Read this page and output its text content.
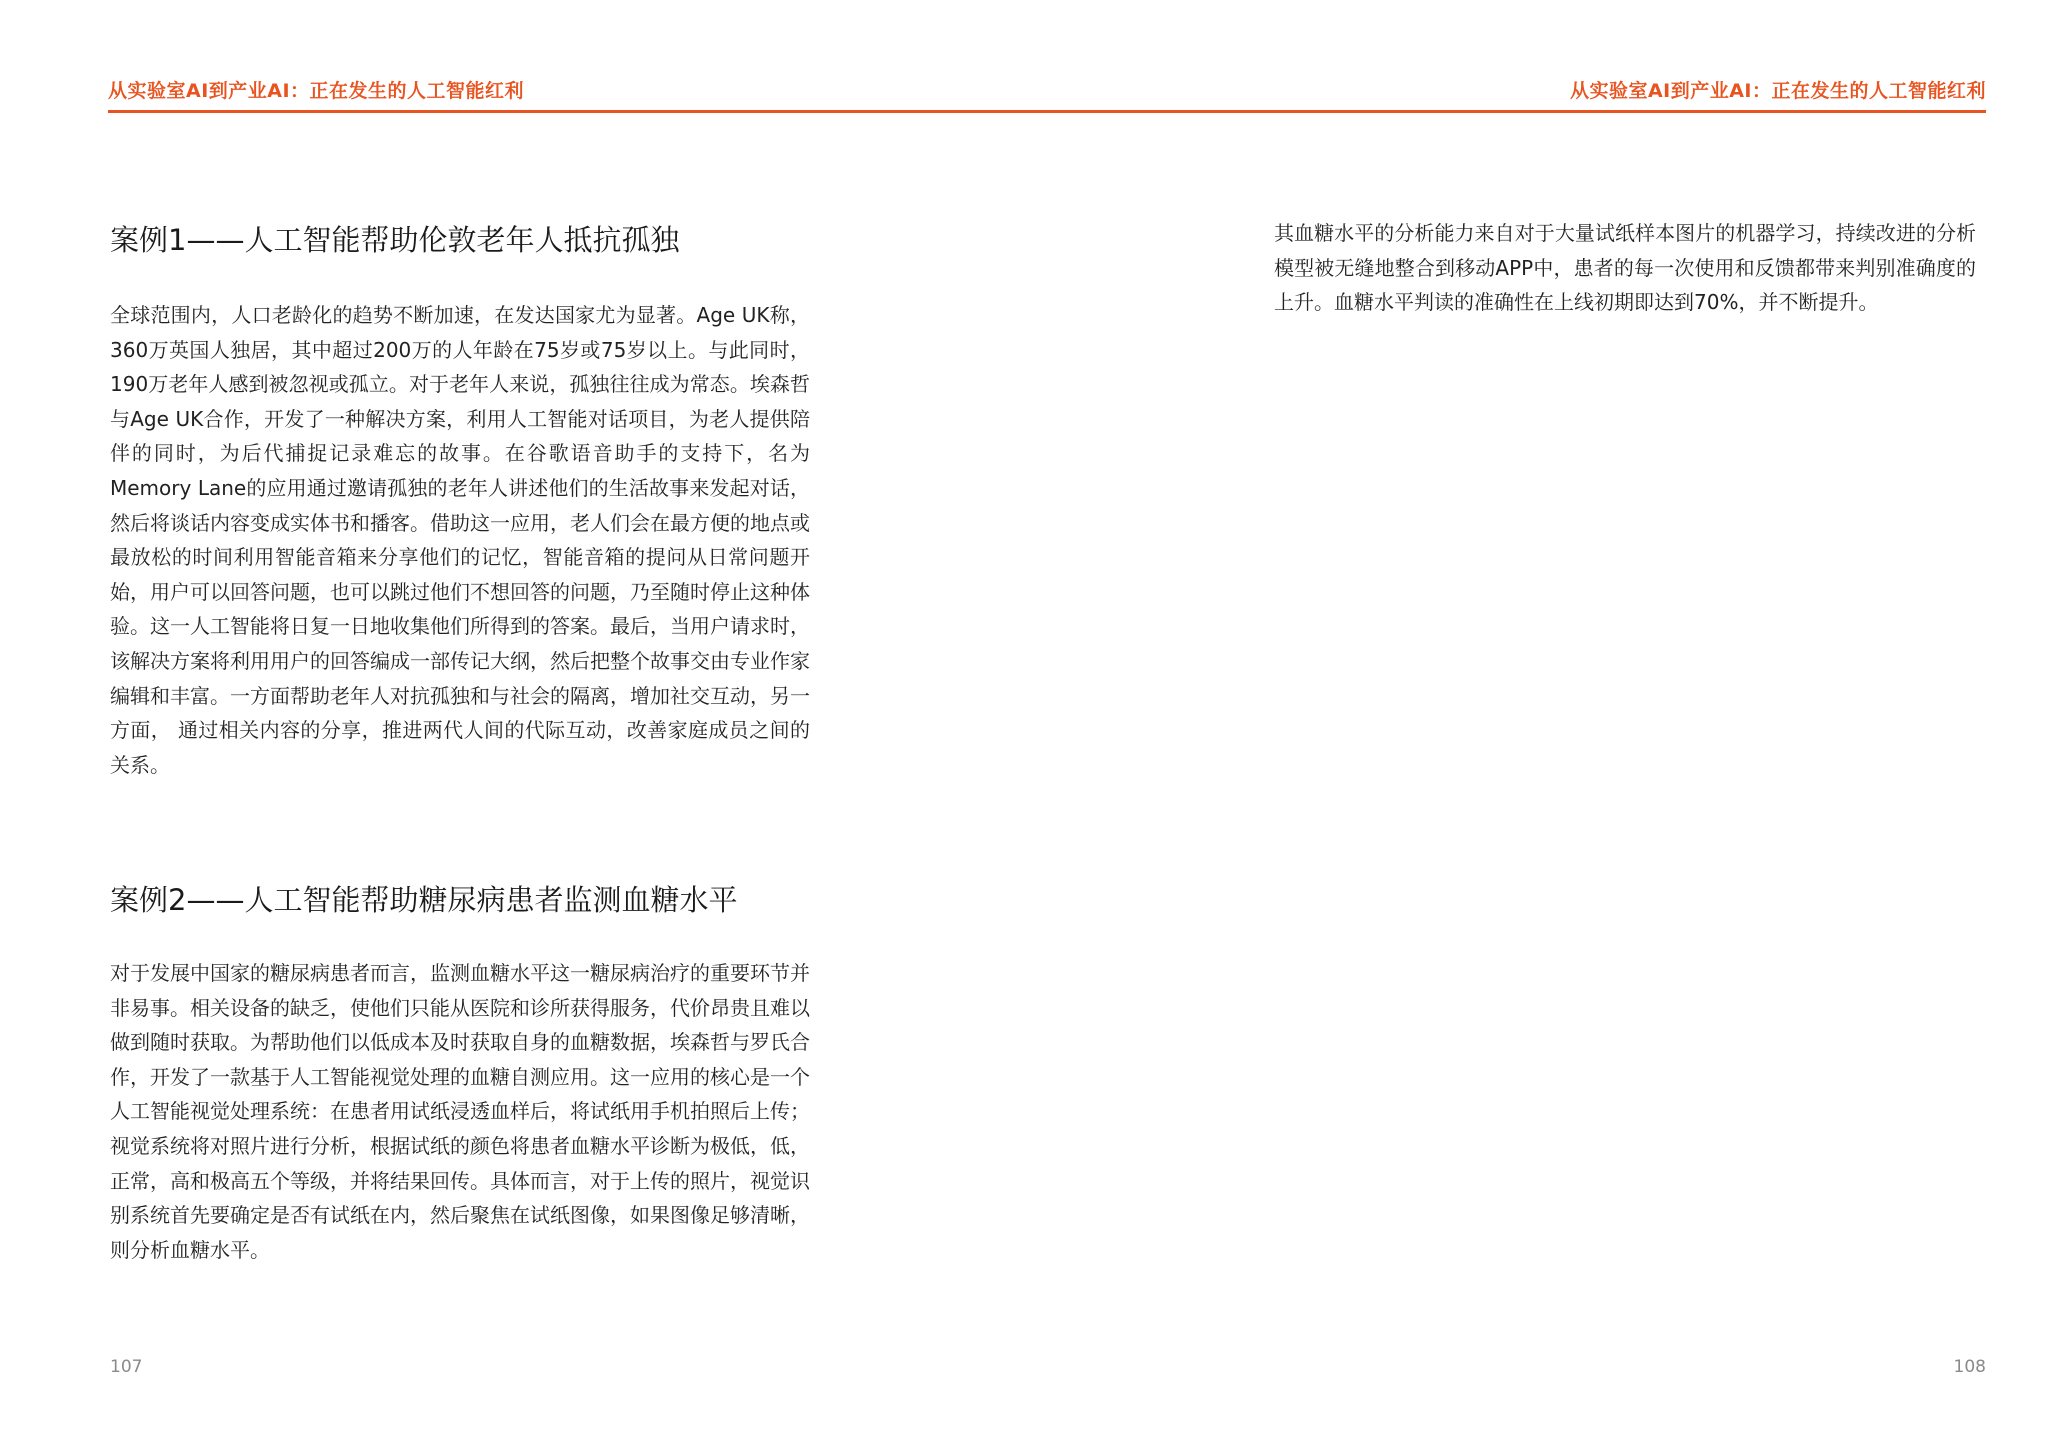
从实验室AI到产业AI：正在发生的人工智能红利
案例1——人工智能帮助伦敦老年人抵抗孤独

全球范围内，人口老龄化的趋势不断加速，在发达国家尤为显著。Age UK称，360万英国人独居，其中超过200万的人年龄在75岁或75岁以上。与此同时，190万老年人感到被忽视或孤立。对于老年人来说，孤独往往成为常态。埃森哲与Age UK合作，开发了一种解决方案，利用人工智能对话项目，为老人提供陪伴的同时，为后代捕捉记录难忘的故事。在谷歌语音助手的支持下，名为Memory Lane的应用通过邀请孤独的老年人讲述他们的生活故事来发起对话，然后将谈话内容变成实体书和播客。借助这一应用，老人们会在最方便的地点或最放松的时间利用智能音箱来分享他们的记忆，智能音箱的提问从日常问题开始，用户可以回答问题，也可以跳过他们不想回答的问题，乃至随时停止这种体验。这一人工智能将日复一日地收集他们所得到的答案。最后，当用户请求时，该解决方案将利用用户的回答编成一部传记大纲，然后把整个故事交由专业作家编辑和丰富。一方面帮助老年人对抗孤独和与社会的隔离，增加社交互动，另一方面， 通过相关内容的分享，推进两代人间的代际互动，改善家庭成员之间的关系。

案例2——人工智能帮助糖尿病患者监测血糖水平

对于发展中国家的糖尿病患者而言，监测血糖水平这一糖尿病治疗的重要环节并非易事。相关设备的缺乏，使他们只能从医院和诊所获得服务，代价昂贵且难以做到随时获取。为帮助他们以低成本及时获取自身的血糖数据，埃森哲与罗氏合作，开发了一款基于人工智能视觉处理的血糖自测应用。这一应用的核心是一个人工智能视觉处理系统：在患者用试纸浸透血样后，将试纸用手机拍照后上传；视觉系统将对照片进行分析，根据试纸的颜色将患者血糖水平诊断为极低，低，正常，高和极高五个等级，并将结果回传。具体而言，对于上传的照片，视觉识别系统首先要确定是否有试纸在内，然后聚焦在试纸图像，如果图像足够清晰，则分析血糖水平。

107
从实验室AI到产业AI：正在发生的人工智能红利

其血糖水平的分析能力来自对于大量试纸样本图片的机器学习，持续改进的分析模型被无缝地整合到移动APP中，患者的每一次使用和反馈都带来判别准确度的上升。血糖水平判读的准确性在上线初期即达到70%，并不断提升。

108
